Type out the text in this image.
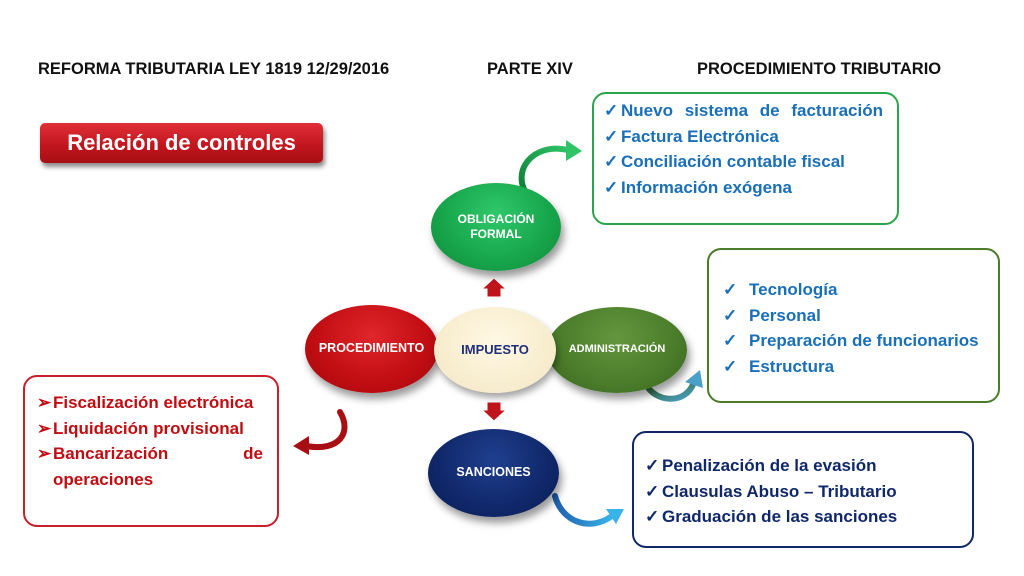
REFORMA TRIBUTARIA LEY 1819 12/29/2016	PARTE XIV	PROCEDIMIENTO TRIBUTARIO
Relación de controles
OBLIGACIÓN FORMAL
PROCEDIMIENTO	ADMINISTRACIÓN
IMPUESTO
SANCIONES
✓ Nuevo sistema de facturación
✓ Factura Electrónica
✓ Conciliación contable fiscal
✓ Información exógena
✓ Tecnología
✓ Personal
✓ Preparación de funcionarios
✓ Estructura
➢ Fiscalización electrónica
➢ Liquidación provisional
➢ Bancarización de operaciones
✓ Penalización de la evasión
✓ Clausulas Abuso – Tributario
✓ Graduación de las sanciones
